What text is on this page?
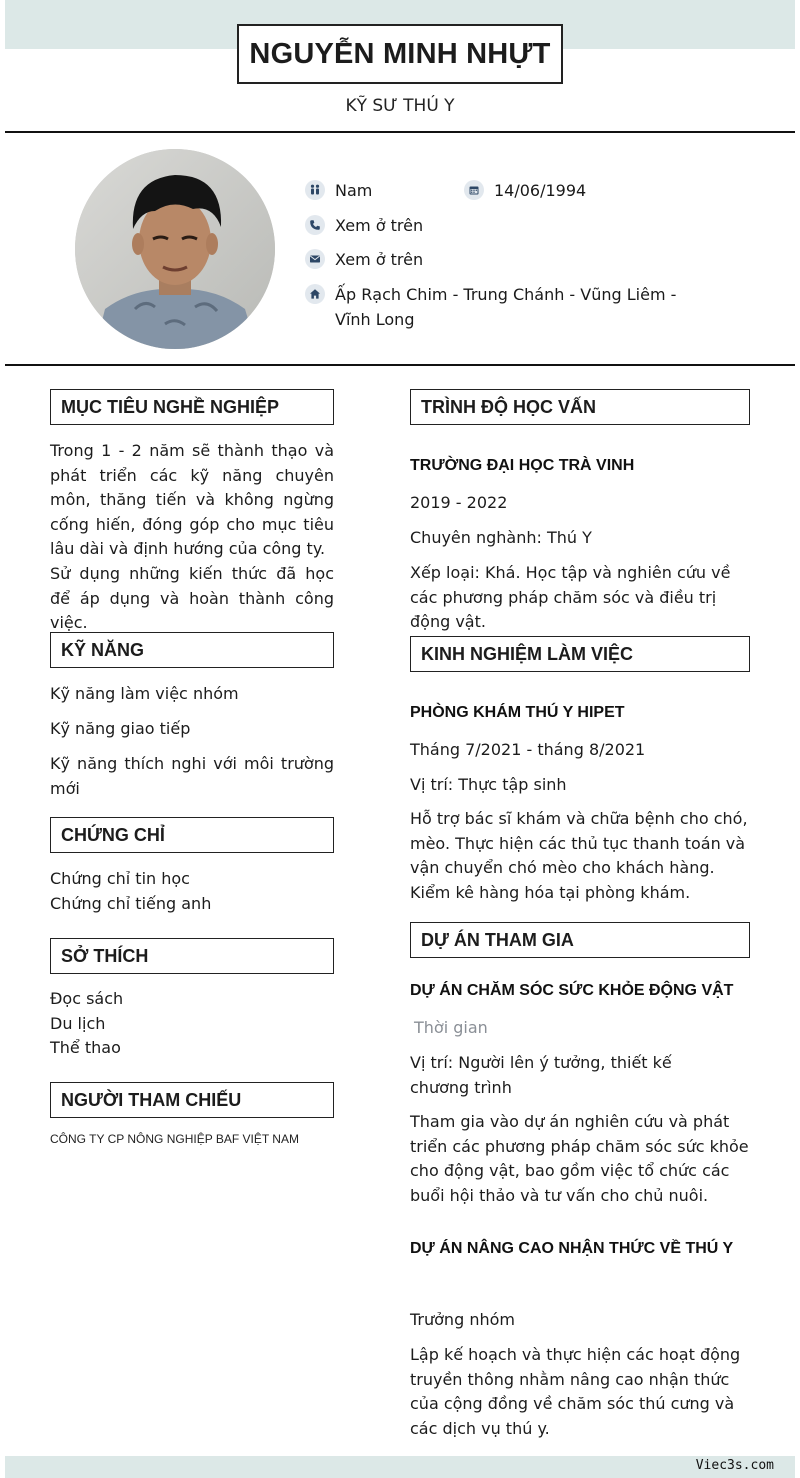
NGUYỄN MINH NHỰT
KỸ SƯ THÚ Y
Nam	14/06/1994
Xem ở trên
Xem ở trên
Ấp Rạch Chim - Trung Chánh - Vũng Liêm -
Vĩnh Long
MỤC TIÊU NGHỀ NGHIỆP
Trong 1 - 2 năm sẽ thành thạo và phát triển các kỹ năng chuyên môn, thăng tiến và không ngừng cống hiến, đóng góp cho mục tiêu lâu dài và định hướng của công ty.
Sử dụng những kiến thức đã học để áp dụng và hoàn thành công việc.
KỸ NĂNG
Kỹ năng làm việc nhóm
Kỹ năng giao tiếp
Kỹ năng thích nghi với môi trường mới
CHỨNG CHỈ
Chứng chỉ tin học
Chứng chỉ tiếng anh
SỞ THÍCH
Đọc sách
Du lịch
Thể thao
NGƯỜI THAM CHIẾU
CÔNG TY CP NÔNG NGHIỆP BAF VIỆT NAM
TRÌNH ĐỘ HỌC VẤN
TRƯỜNG ĐẠI HỌC TRÀ VINH
2019 - 2022
Chuyên nghành: Thú Y
Xếp loại: Khá. Học tập và nghiên cứu về các phương pháp chăm sóc và điều trị động vật.
KINH NGHIỆM LÀM VIỆC
PHÒNG KHÁM THÚ Y HIPET
Tháng 7/2021 - tháng 8/2021
Vị trí: Thực tập sinh
Hỗ trợ bác sĩ khám và chữa bệnh cho chó, mèo. Thực hiện các thủ tục thanh toán và vận chuyển chó mèo cho khách hàng. Kiểm kê hàng hóa tại phòng khám.
DỰ ÁN THAM GIA
DỰ ÁN CHĂM SÓC SỨC KHỎE ĐỘNG VẬT
Thời gian
Vị trí: Người lên ý tưởng, thiết kế chương trình
Tham gia vào dự án nghiên cứu và phát triển các phương pháp chăm sóc sức khỏe cho động vật, bao gồm việc tổ chức các buổi hội thảo và tư vấn cho chủ nuôi.
DỰ ÁN NÂNG CAO NHẬN THỨC VỀ THÚ Y
Trưởng nhóm
Lập kế hoạch và thực hiện các hoạt động truyền thông nhằm nâng cao nhận thức của cộng đồng về chăm sóc thú cưng và các dịch vụ thú y.
Viec3s.com
